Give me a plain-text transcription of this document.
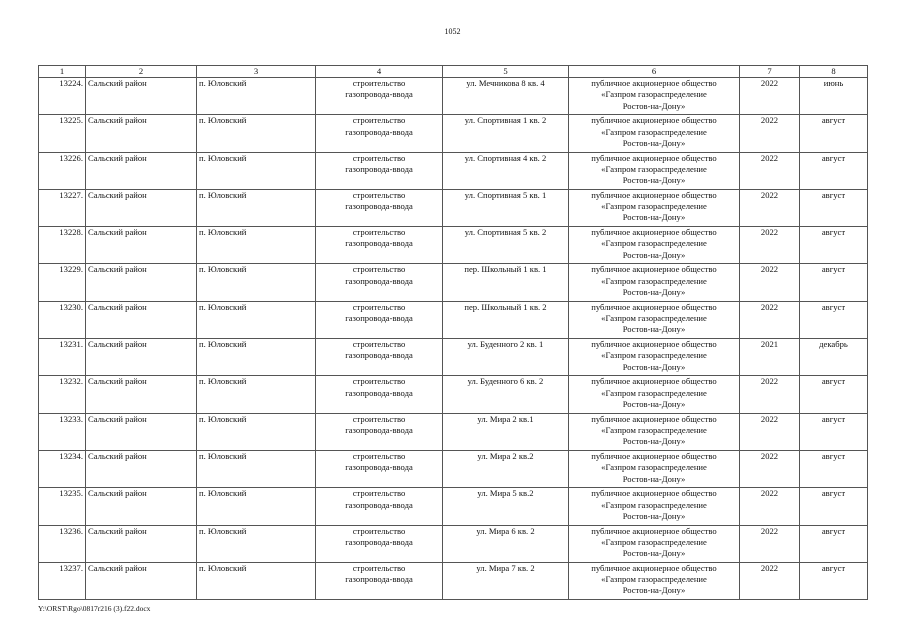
1052
1	2	3	4	5	6	7	8
13224.	Сальский район	п. Юловский	строительство
газопровода-ввода	ул. Мечникова 8 кв. 4	публичное акционерное общество
«Газпром газораспределение
Ростов-на-Дону»	2022	июнь
13225.	Сальский район	п. Юловский	строительство
газопровода-ввода	ул. Спортивная 1 кв. 2	публичное акционерное общество
«Газпром газораспределение
Ростов-на-Дону»	2022	август
13226.	Сальский район	п. Юловский	строительство
газопровода-ввода	ул. Спортивная 4 кв. 2	публичное акционерное общество
«Газпром газораспределение
Ростов-на-Дону»	2022	август
13227.	Сальский район	п. Юловский	строительство
газопровода-ввода	ул. Спортивная 5 кв. 1	публичное акционерное общество
«Газпром газораспределение
Ростов-на-Дону»	2022	август
13228.	Сальский район	п. Юловский	строительство
газопровода-ввода	ул. Спортивная 5 кв. 2	публичное акционерное общество
«Газпром газораспределение
Ростов-на-Дону»	2022	август
13229.	Сальский район	п. Юловский	строительство
газопровода-ввода	пер. Школьный 1 кв. 1	публичное акционерное общество
«Газпром газораспределение
Ростов-на-Дону»	2022	август
13230.	Сальский район	п. Юловский	строительство
газопровода-ввода	пер. Школьный 1 кв. 2	публичное акционерное общество
«Газпром газораспределение
Ростов-на-Дону»	2022	август
13231.	Сальский район	п. Юловский	строительство
газопровода-ввода	ул. Буденного 2 кв. 1	публичное акционерное общество
«Газпром газораспределение
Ростов-на-Дону»	2021	декабрь
13232.	Сальский район	п. Юловский	строительство
газопровода-ввода	ул. Буденного 6 кв. 2	публичное акционерное общество
«Газпром газораспределение
Ростов-на-Дону»	2022	август
13233.	Сальский район	п. Юловский	строительство
газопровода-ввода	ул. Мира 2 кв.1	публичное акционерное общество
«Газпром газораспределение
Ростов-на-Дону»	2022	август
13234.	Сальский район	п. Юловский	строительство
газопровода-ввода	ул. Мира 2 кв.2	публичное акционерное общество
«Газпром газораспределение
Ростов-на-Дону»	2022	август
13235.	Сальский район	п. Юловский	строительство
газопровода-ввода	ул. Мира 5 кв.2	публичное акционерное общество
«Газпром газораспределение
Ростов-на-Дону»	2022	август
13236.	Сальский район	п. Юловский	строительство
газопровода-ввода	ул. Мира 6 кв. 2	публичное акционерное общество
«Газпром газораспределение
Ростов-на-Дону»	2022	август
13237.	Сальский район	п. Юловский	строительство
газопровода-ввода	ул. Мира 7 кв. 2	публичное акционерное общество
«Газпром газораспределение
Ростов-на-Дону»	2022	август
Y:\ORST\Rgo\0817r216 (3).f22.docx
